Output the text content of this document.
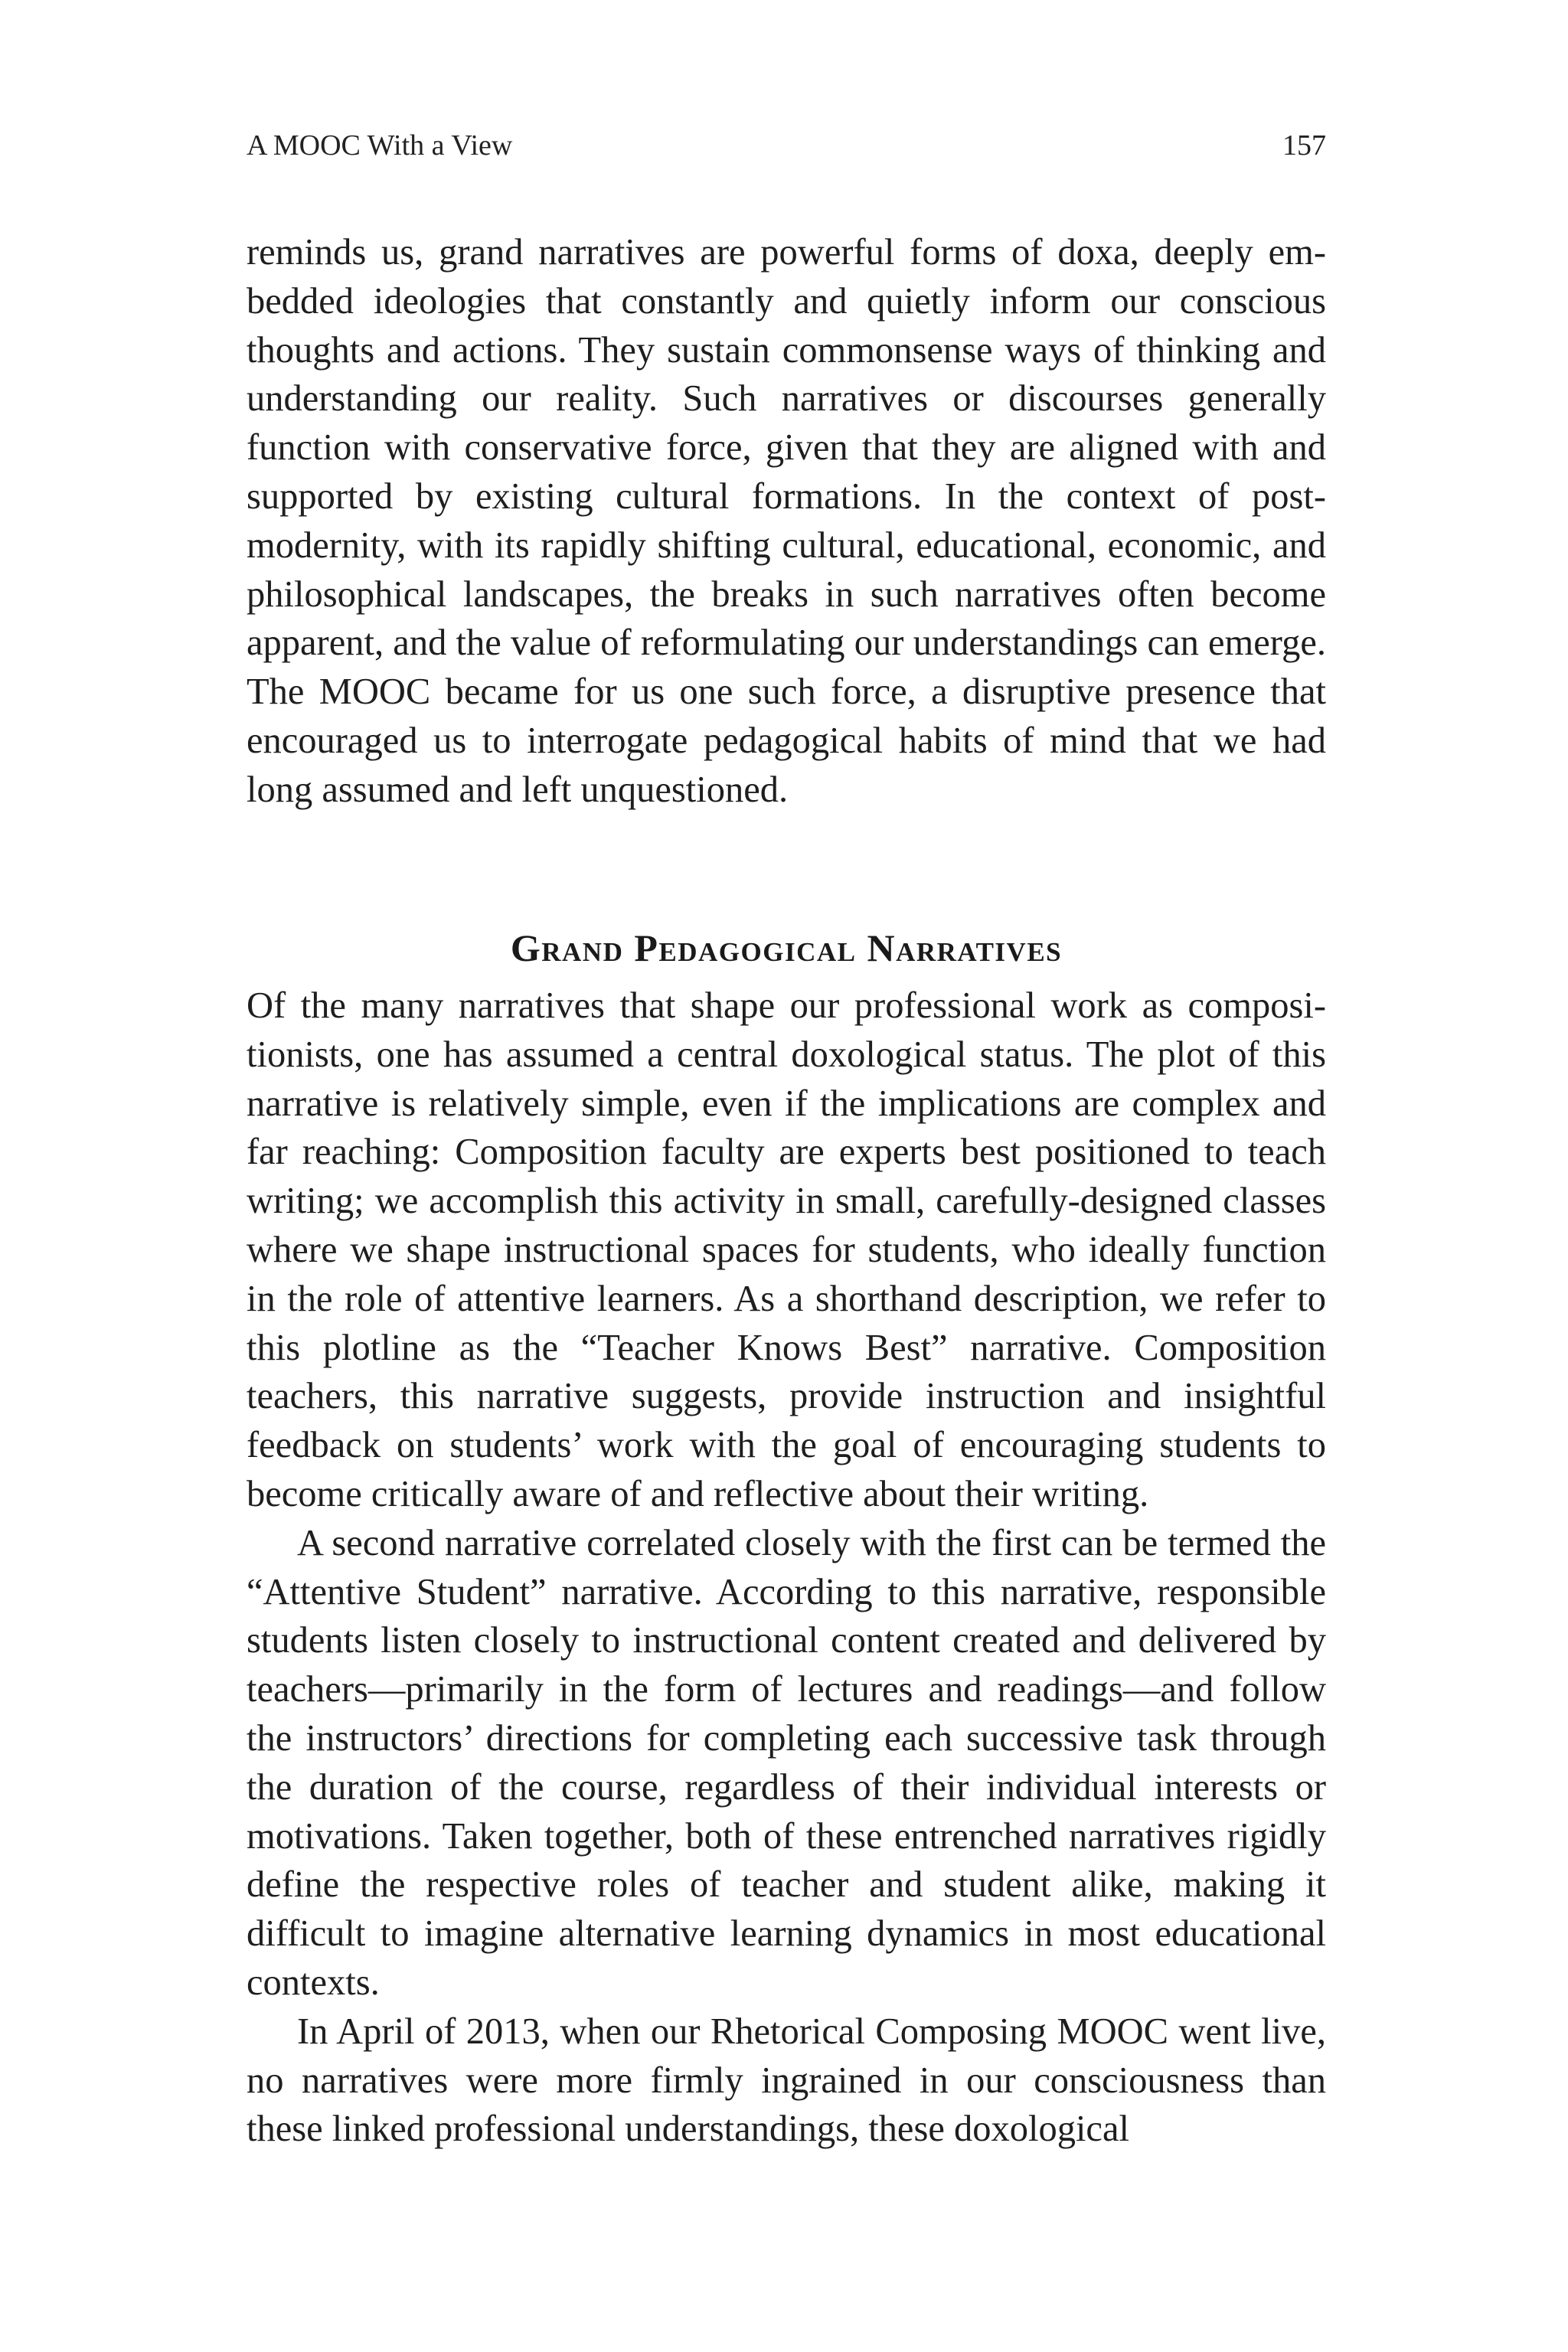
A MOOC With a View	157

reminds us, grand narratives are powerful forms of doxa, deeply embedded ideologies that constantly and quietly inform our conscious thoughts and actions. They sustain commonsense ways of thinking and understanding our reality. Such narratives or discourses generally function with conservative force, given that they are aligned with and supported by existing cultural formations. In the context of postmodernity, with its rapidly shifting cultural, educational, economic, and philosophical landscapes, the breaks in such narratives often become apparent, and the value of reformulating our understandings can emerge. The MOOC became for us one such force, a disruptive presence that encouraged us to interrogate pedagogical habits of mind that we had long assumed and left unquestioned.

Grand Pedagogical Narratives

Of the many narratives that shape our professional work as compositionists, one has assumed a central doxological status. The plot of this narrative is relatively simple, even if the implications are complex and far reaching: Composition faculty are experts best positioned to teach writing; we accomplish this activity in small, carefully-designed classes where we shape instructional spaces for students, who ideally function in the role of attentive learners. As a shorthand description, we refer to this plotline as the “Teacher Knows Best” narrative. Composition teachers, this narrative suggests, provide instruction and insightful feedback on students’ work with the goal of encouraging students to become critically aware of and reflective about their writing.

A second narrative correlated closely with the first can be termed the “Attentive Student” narrative. According to this narrative, responsible students listen closely to instructional content created and delivered by teachers—primarily in the form of lectures and readings—and follow the instructors’ directions for completing each successive task through the duration of the course, regardless of their individual interests or motivations. Taken together, both of these entrenched narratives rigidly define the respective roles of teacher and student alike, making it difficult to imagine alternative learning dynamics in most educational contexts.

In April of 2013, when our Rhetorical Composing MOOC went live, no narratives were more firmly ingrained in our consciousness than these linked professional understandings, these doxological
